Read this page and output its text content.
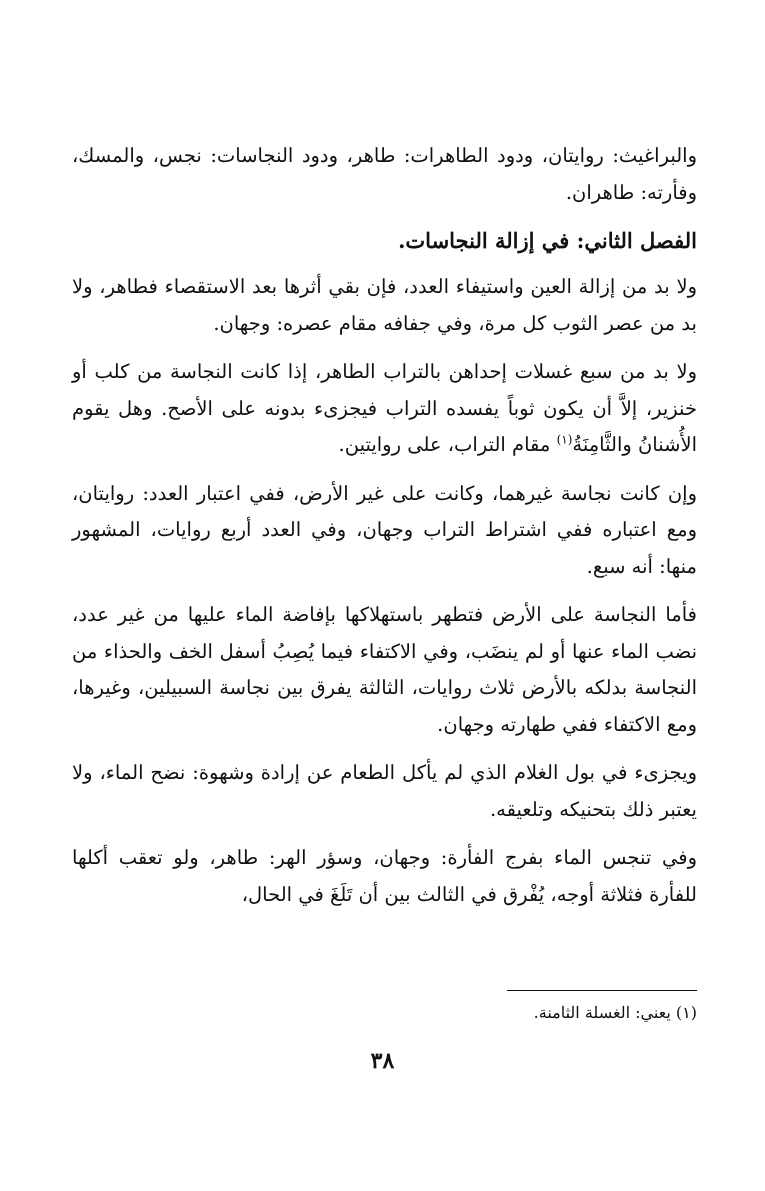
والبراغيث: روايتان، ودود الطاهرات: طاهر، ودود النجاسات: نجس، والمسك، وفأرته: طاهران.

الفصل الثاني: في إزالة النجاسات.

ولا بد من إزالة العين واستيفاء العدد، فإن بقي أثرها بعد الاستقصاء فطاهر، ولا بد من عصر الثوب كل مرة، وفي جفافه مقام عصره: وجهان.

ولا بد من سبع غسلات إحداهن بالتراب الطاهر، إذا كانت النجاسة من كلب أو خنزير، إلاَّ أن يكون ثوباً يفسده التراب فيجزىء بدونه على الأصح. وهل يقوم الأُشنانُ والثَّامِنَةُ$^{(١)}$ مقام التراب، على روايتين.

وإن كانت نجاسة غيرهما، وكانت على غير الأرض، ففي اعتبار العدد: روايتان، ومع اعتباره ففي اشتراط التراب وجهان، وفي العدد أربع روايات، المشهور منها: أنه سبع.

فأما النجاسة على الأرض فتطهر باستهلاكها بإفاضة الماء عليها من غير عدد، نضب الماء عنها أو لم ينضَب، وفي الاكتفاء فيما يُصِبُ أسفل الخف والحذاء من النجاسة بدلكه بالأرض ثلاث روايات، الثالثة يفرق بين نجاسة السبيلين، وغيرها، ومع الاكتفاء ففي طهارته وجهان.

ويجزىء في بول الغلام الذي لم يأكل الطعام عن إرادة وشهوة: نضح الماء، ولا يعتبر ذلك بتحنيكه وتلعيقه.

وفي تنجس الماء بفرج الفأرة: وجهان، وسؤر الهر: طاهر، ولو تعقب أكلها للفأرة فثلاثة أوجه، يُفْرق في الثالث بين أن تَلَغَ في الحال،

(١) يعني: الغسلة الثامنة.
٣٨
